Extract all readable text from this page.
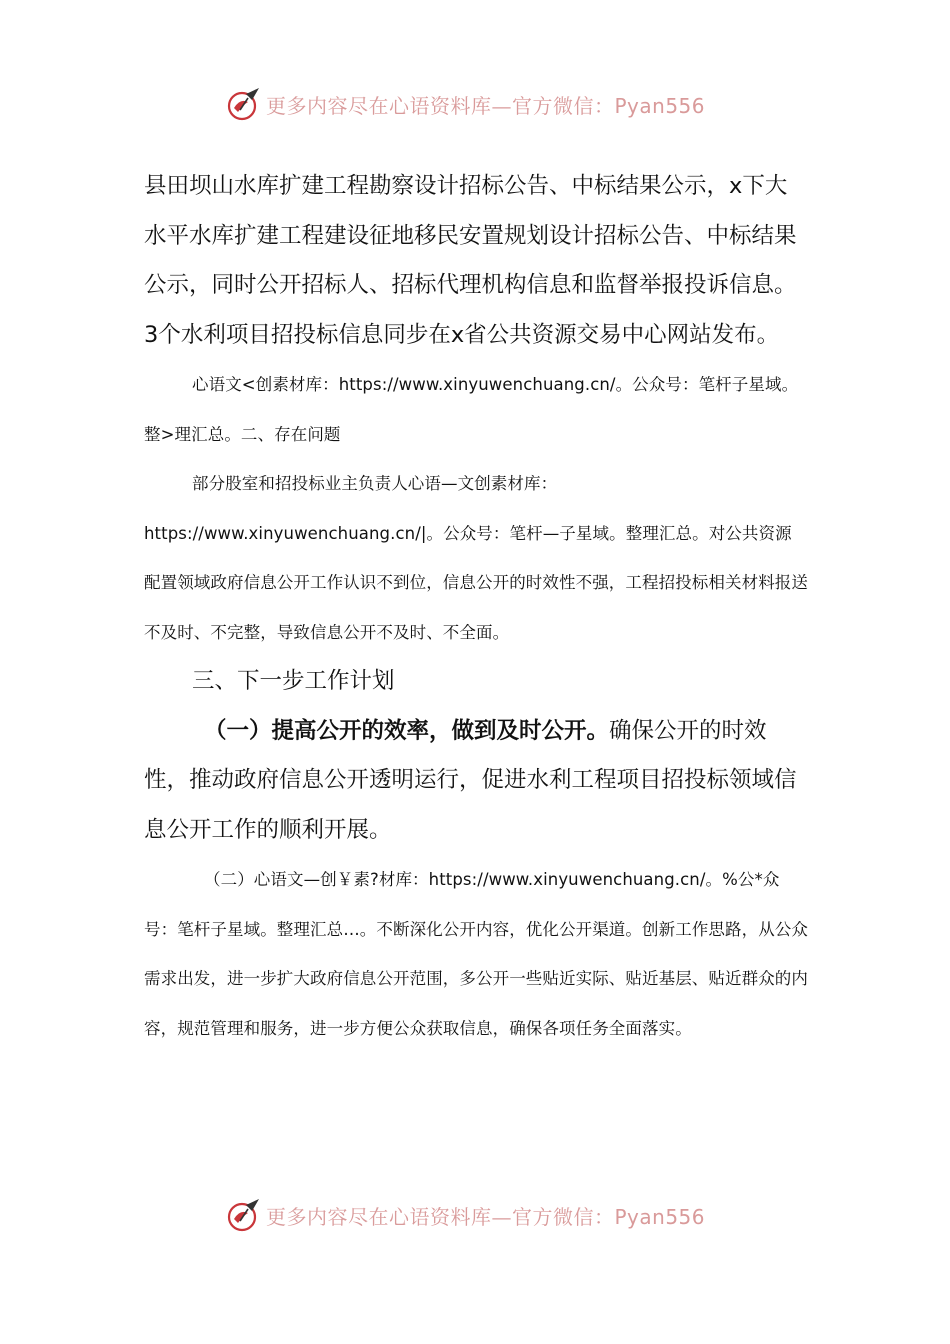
更多内容尽在心语资料库—官方微信：Pyan556

县田坝山水库扩建工程勘察设计招标公告、中标结果公示，x下大水平水库扩建工程建设征地移民安置规划设计招标公告、中标结果公示，同时公开招标人、招标代理机构信息和监督举报投诉信息。3个水利项目招投标信息同步在x省公共资源交易中心网站发布。

心语文<创素材库：https://www.xinyuwenchuang.cn/。公众号：笔杆子星域。整>理汇总。二、存在问题

部分股室和招投标业主负责人心语—文创素材库：https://www.xinyuwenchuang.cn/|。公众号：笔杆—子星域。整理汇总。对公共资源配置领域政府信息公开工作认识不到位，信息公开的时效性不强，工程招投标相关材料报送不及时、不完整，导致信息公开不及时、不全面。

三、下一步工作计划

（一）提高公开的效率，做到及时公开。确保公开的时效性，推动政府信息公开透明运行，促进水利工程项目招投标领域信息公开工作的顺利开展。

（二）心语文—创￥素?材库：https://www.xinyuwenchuang.cn/。%公*众号：笔杆子星域。整理汇总…。不断深化公开内容，优化公开渠道。创新工作思路，从公众需求出发，进一步扩大政府信息公开范围，多公开一些贴近实际、贴近基层、贴近群众的内容，规范管理和服务，进一步方便公众获取信息，确保各项任务全面落实。

更多内容尽在心语资料库—官方微信：Pyan556
